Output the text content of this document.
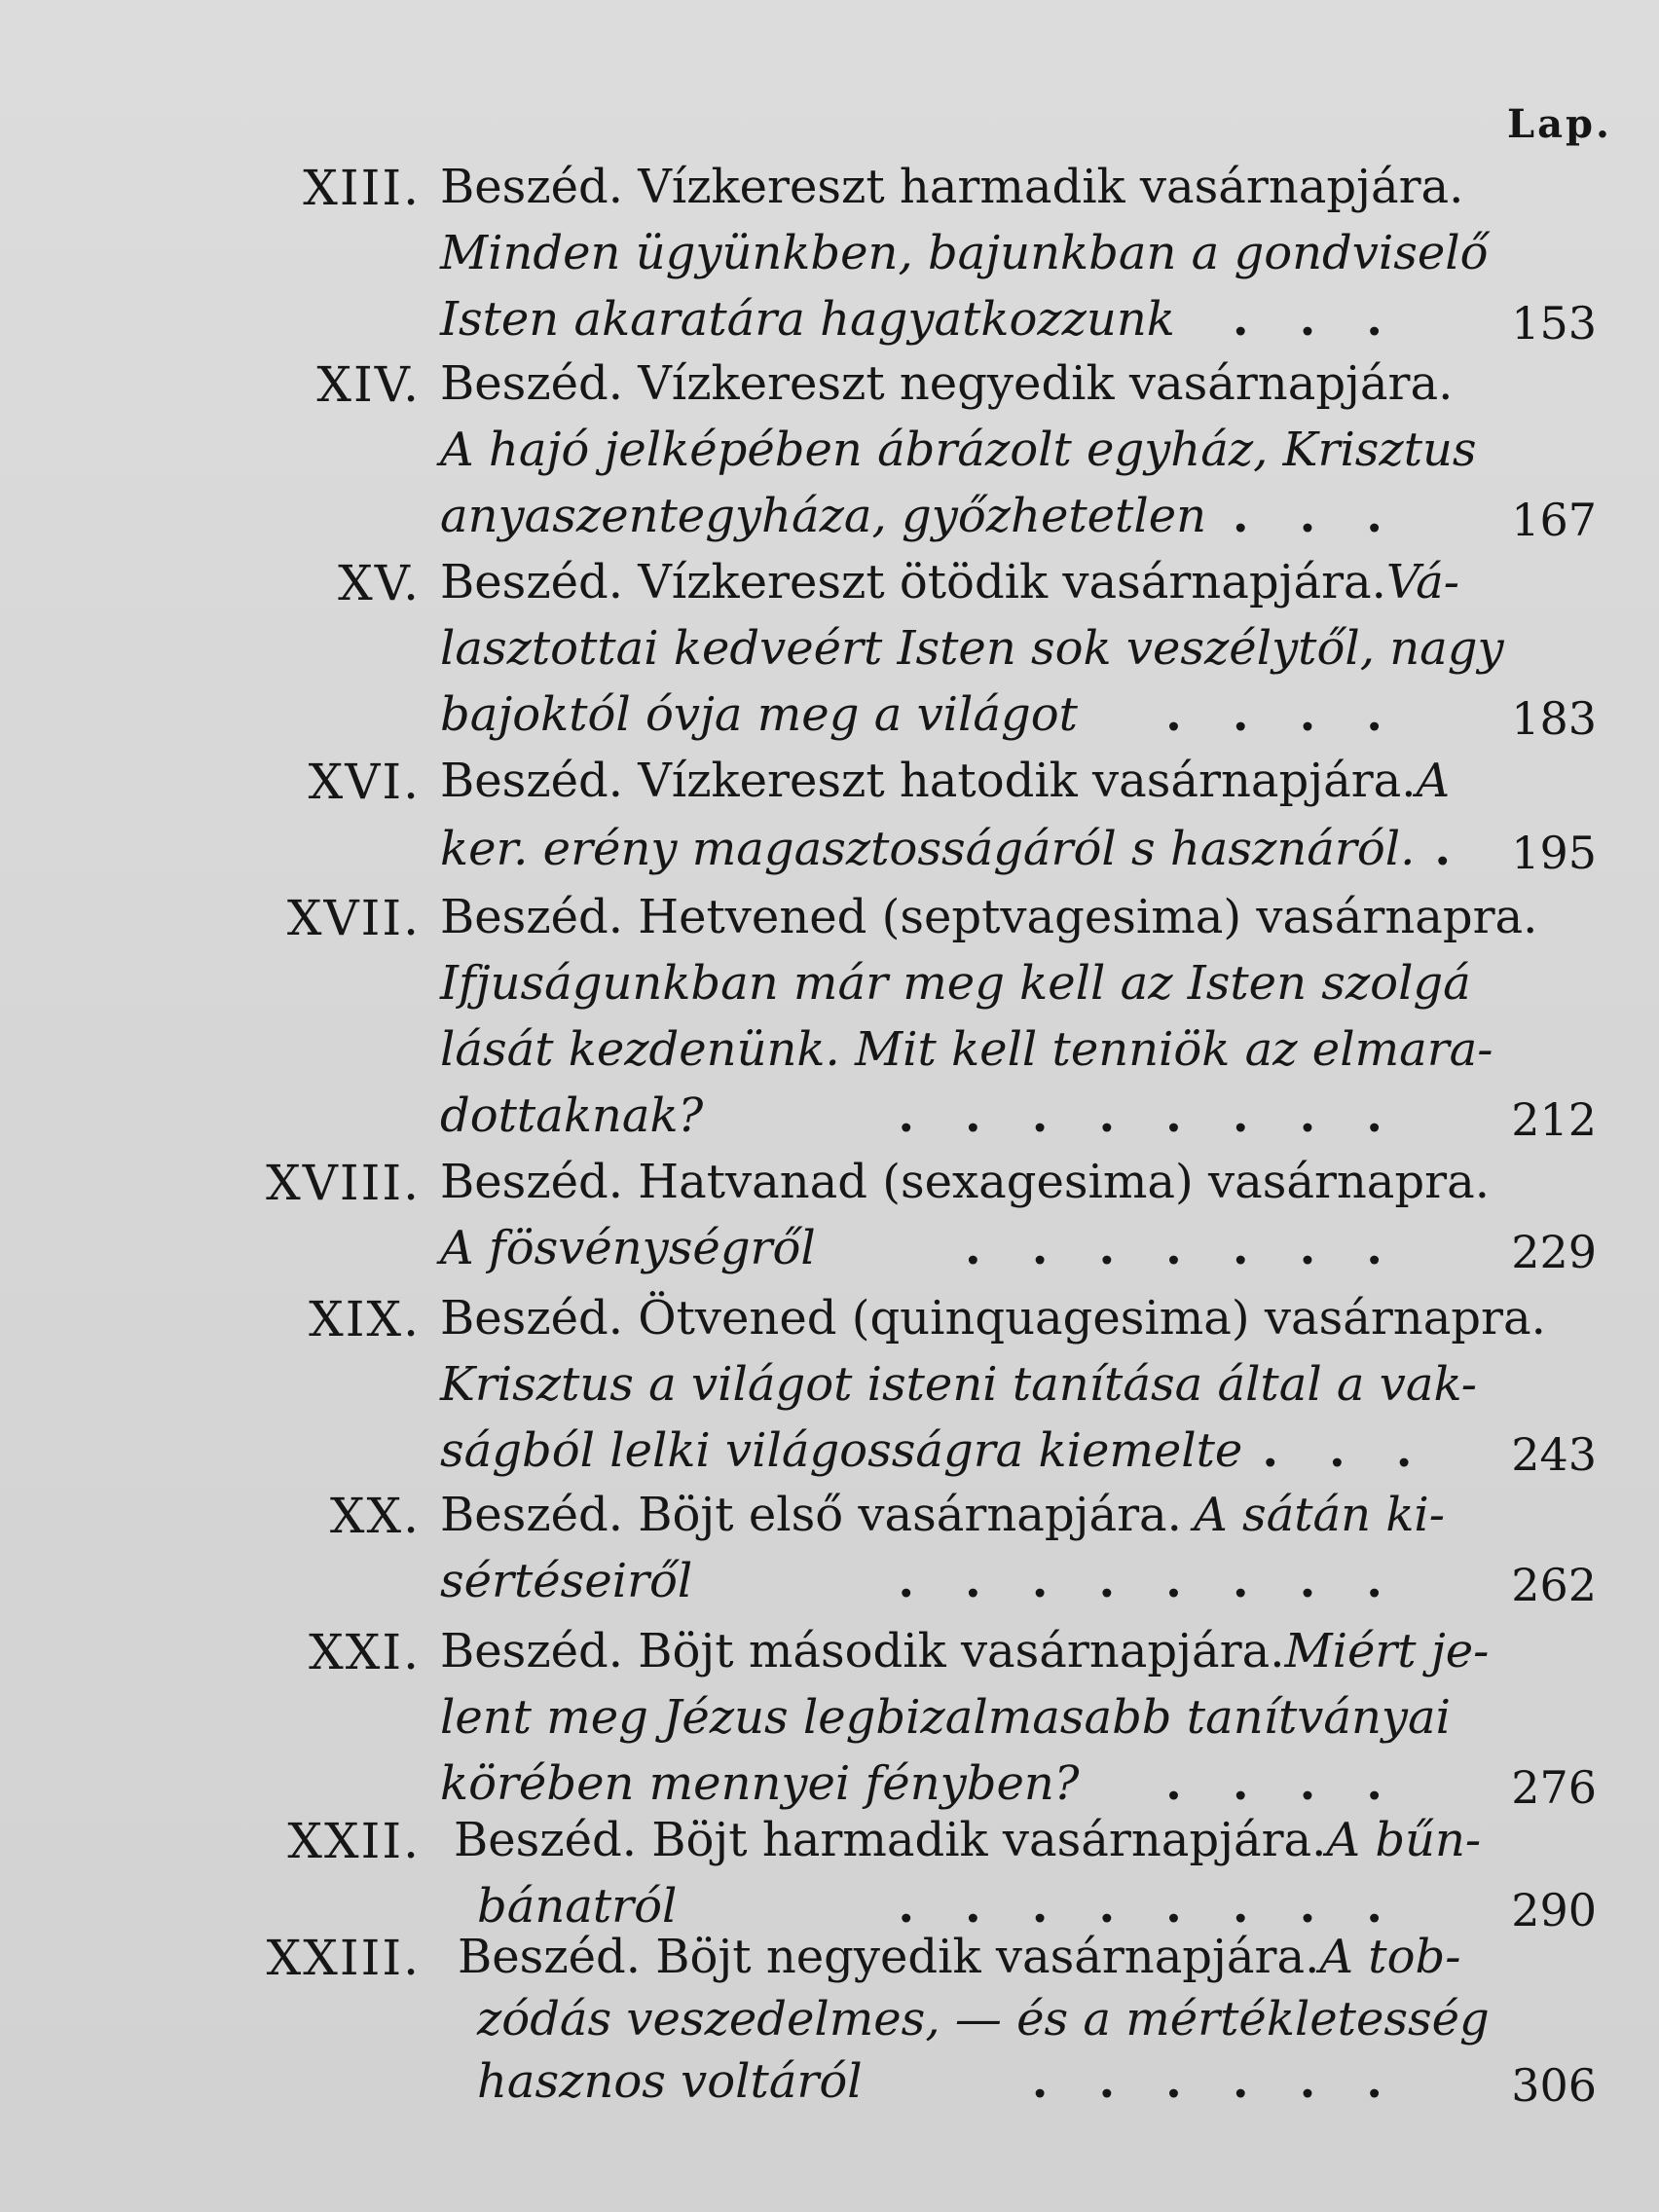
Lap.
XIII. Beszéd. Vízkereszt harmadik vasárnapjára.
Minden ügyünkben, bajunkban a gondviselő
Isten akaratára hagyatkozzunk	... 153
XIV. Beszéd. Vízkereszt negyedik vasárnapjára.
A hajó jelképében ábrázolt egyház, Krisztus
anyaszentegyháza, győzhetetlen ... 167
XV. Beszéd. Vízkereszt ötödik vasárnapjára. Vá-
lasztottai kedveért Isten sok veszélytől, nagy
bajoktól óvja meg a világot	.... 183
XVI. Beszéd. Vízkereszt hatodik vasárnapjára. A
ker. erény magasztosságáról s hasznáról. . 195
XVII. Beszéd. Hetvened (septvagesima) vasárnapra.
Ifjuságunkban már meg kell az Isten szolgá
lását kezdenünk. Mit kell tenniök az elmara-
dottaknak?	........ 212
XVIII. Beszéd. Hatvanad (sexagesima) vasárnapra.
A fösvénységről	....... 229
XIX. Beszéd. Ötvened (quinquagesima) vasárnapra.
Krisztus a világot isteni tanítása által a vak-
ságból lelki világosságra kiemelte ... 243
XX. Beszéd. Böjt első vasárnapjára. A sátán ki-
sértéseiről	........ 262
XXI. Beszéd. Böjt második vasárnapjára. Miért je-
lent meg Jézus legbizalmasabb tanítványai
körében mennyei fényben?	.... 276
XXII. Beszéd. Böjt harmadik vasárnapjára. A bűn-
bánatról	........ 290
XXIII. Beszéd. Böjt negyedik vasárnapjára. A tob-
zódás veszedelmes, — és a mértékletesség
hasznos voltáról	...... 306
